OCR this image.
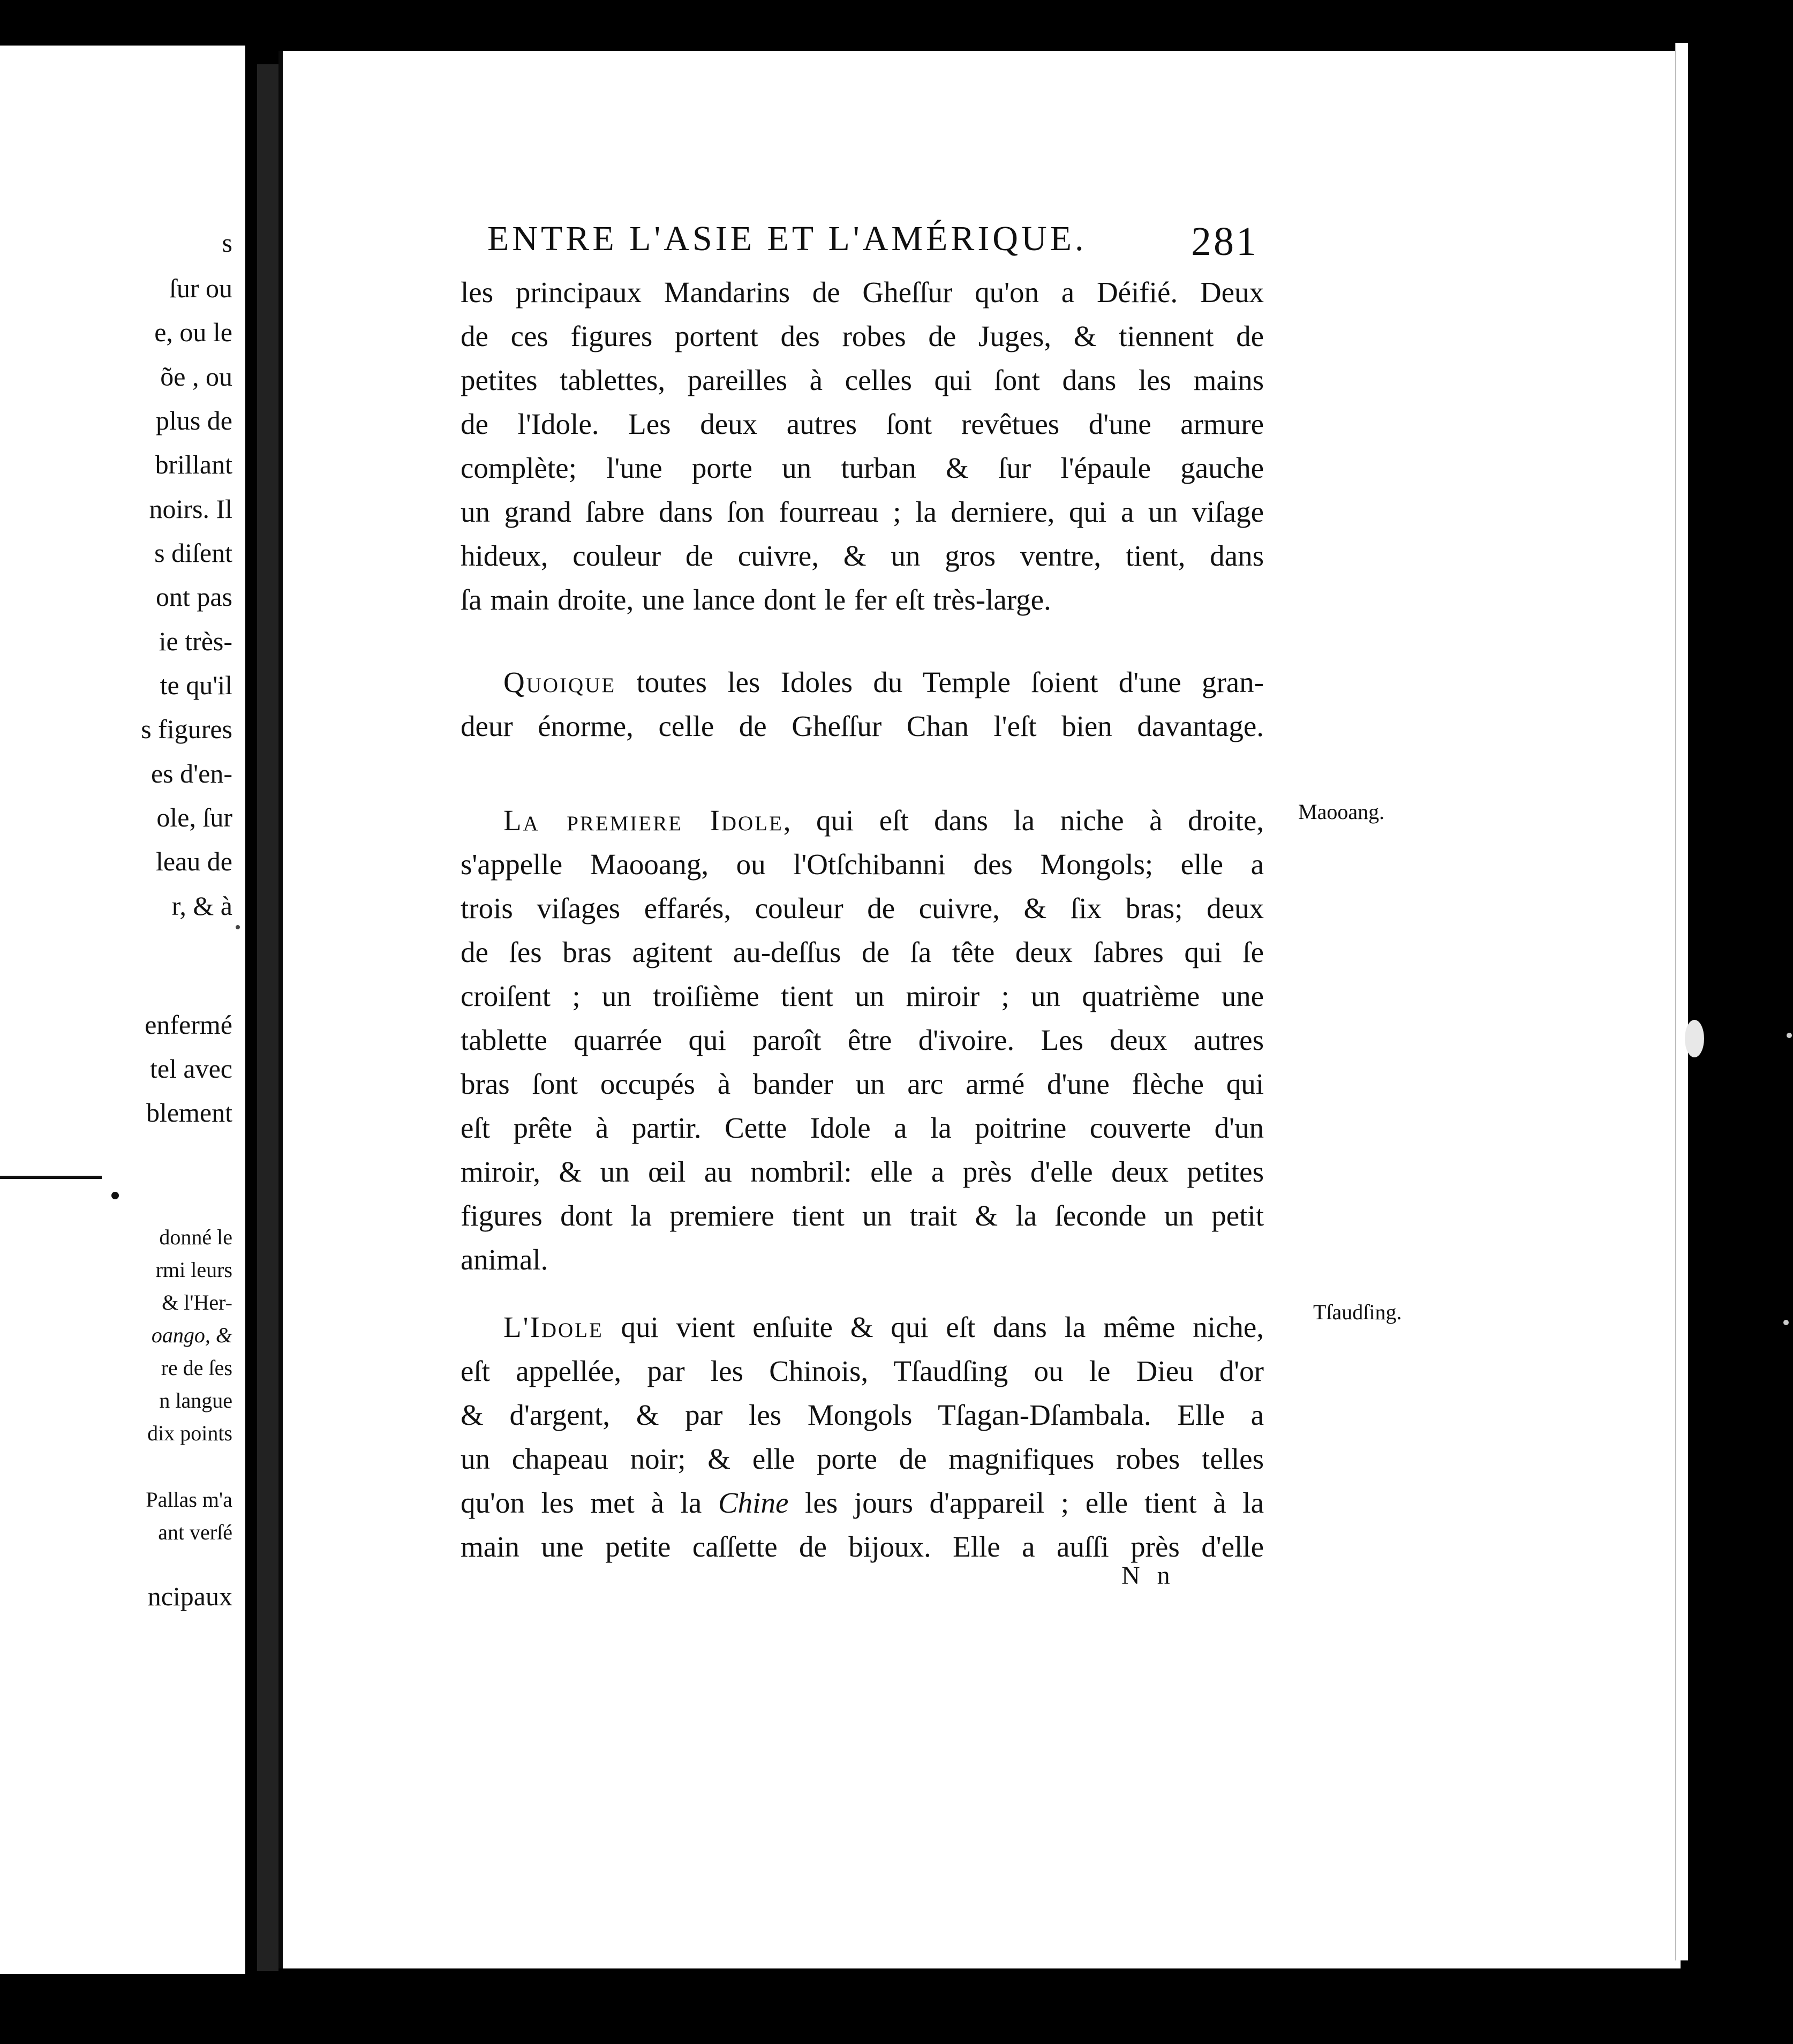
s
ſur ou
e, ou le
õe , ou
plus de
brillant
noirs. Il
s diſent
ont pas
ie très-
te qu'il
s figures
es d'en-
ole, ſur
leau de
r, & à
enfermé
tel avec
blement
donné le
rmi leurs
& l'Her-
oango, &
re de ſes
n langue
dix points
Pallas m'a
ant verſé
ncipaux
ENTRE L'ASIE ET L'AMÉRIQUE.	281
les principaux Mandarins de Gheſſur qu'on a Déifié. Deux
de ces figures portent des robes de Juges, & tiennent de
petites tablettes, pareilles à celles qui ſont dans les mains
de l'Idole. Les deux autres ſont revêtues d'une armure
complète; l'une porte un turban & ſur l'épaule gauche
un grand ſabre dans ſon fourreau ; la derniere, qui a un viſage
hideux, couleur de cuivre, & un gros ventre, tient, dans
ſa main droite, une lance dont le fer eſt très-large.
Quoique toutes les Idoles du Temple ſoient d'une gran-
deur énorme, celle de Gheſſur Chan l'eſt bien davantage.
La premiere Idole, qui eſt dans la niche à droite,
s'appelle Maooang, ou l'Otſchibanni des Mongols; elle a
trois viſages effarés, couleur de cuivre, & ſix bras; deux
de ſes bras agitent au-deſſus de ſa tête deux ſabres qui ſe
croiſent ; un troiſième tient un miroir ; un quatrième une
tablette quarrée qui paroît être d'ivoire. Les deux autres
bras ſont occupés à bander un arc armé d'une flèche qui
eſt prête à partir. Cette Idole a la poitrine couverte d'un
miroir, & un œil au nombril: elle a près d'elle deux petites
figures dont la premiere tient un trait & la ſeconde un petit
animal.
Maooang.
L'Idole qui vient enſuite & qui eſt dans la même niche,
eſt appellée, par les Chinois, Tſaudſing ou le Dieu d'or
& d'argent, & par les Mongols Tſagan-Dſambala. Elle a
un chapeau noir; & elle porte de magnifiques robes telles
qu'on les met à la Chine les jours d'appareil ; elle tient à la
main une petite caſſette de bijoux. Elle a auſſi près d'elle
Tſaudſing.
N n
